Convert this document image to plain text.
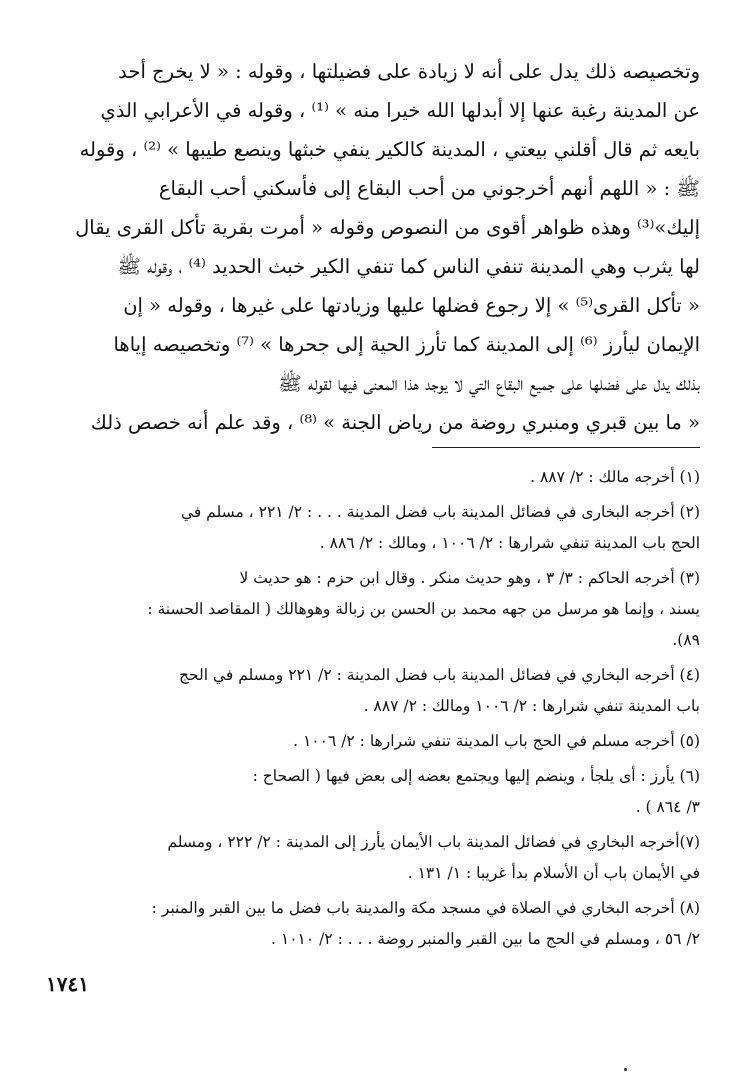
وتخصيصه ذلك يدل على أنه لا زيادة على فضيلتها ، وقوله : « لا يخرج أحد
عن المدينة رغبة عنها إلا أبدلها الله خيرا منه » ⁽¹⁾ ، وقوله في الأعرابي الذي
بايعه ثم قال أقلني بيعتي ، المدينة كالكير ينفي خبثها وينصع طيبها » ⁽²⁾ ، وقوله
ﷺ : « اللهم أنهم أخرجوني من أحب البقاع إلى فأسكني أحب البقاع
إليك»⁽³⁾ وهذه ظواهر أقوى من النصوص وقوله « أمرت بقرية تأكل القرى يقال
لها يثرب وهي المدينة تنفي الناس كما تنفي الكير خبث الحديد ⁽⁴⁾ ، وقوله ﷺ
« تأكل القرى⁽⁵⁾ » إلا رجوع فضلها عليها وزيادتها على غيرها ، وقوله « إن
الإيمان ليأرز ⁽⁶⁾ إلى المدينة كما تأرز الحية إلى جحرها » ⁽⁷⁾ وتخصيصه إياها
بذلك يدل على فضلها على جميع البقاع التي لا يوجد هذا المعنى فيها لقوله ﷺ
« ما بين قبري ومنبري روضة من رياض الجنة » ⁽⁸⁾ ، وقد علم أنه خصص ذلك
(١) أخرجه مالك : ٢/ ٨٨٧ .
(٢) أخرجه البخارى في فضائل المدينة باب فضل المدينة . . . : ٢/ ٢٢١ ، مسلم في
الحج باب المدينة تنفي شرارها : ٢/ ١٠٠٦ ، ومالك : ٢/ ٨٨٦ .
(٣) أخرجه الحاكم : ٣/ ٣ ، وهو حديث منكر . وقال ابن حزم : هو حديث لا
يسند ، وإنما هو مرسل من جهه محمد بن الحسن بن زبالة وهوهالك ( المقاصد الحسنة :
٨٩).
(٤) أخرجه البخاري في فضائل المدينة باب فضل المدينة : ٢/ ٢٢١ ومسلم في الحج
باب المدينة تنفي شرارها : ٢/ ١٠٠٦ ومالك : ٢/ ٨٨٧ .
(٥) أخرجه مسلم في الحج باب المدينة تنفي شرارها : ٢/ ١٠٠٦ .
(٦) يأرز : أى يلجأ ، وينضم إليها ويجتمع بعضه إلى بعض فيها ( الصحاح :
٣/ ٨٦٤ ) .
(٧)أخرجه البخاري في فضائل المدينة باب الأيمان يأرز إلى المدينة : ٢/ ٢٢٢ ، ومسلم
في الأيمان باب أن الأسلام بدأ غريبا : ١/ ١٣١ .
(٨) أخرجه البخاري في الصلاة في مسجد مكة والمدينة باب فضل ما بين القبر والمنبر :
٢/ ٥٦ ، ومسلم في الحج ما بين القبر والمنبر روضة . . . : ٢/ ١٠١٠ .
١٧٤١
